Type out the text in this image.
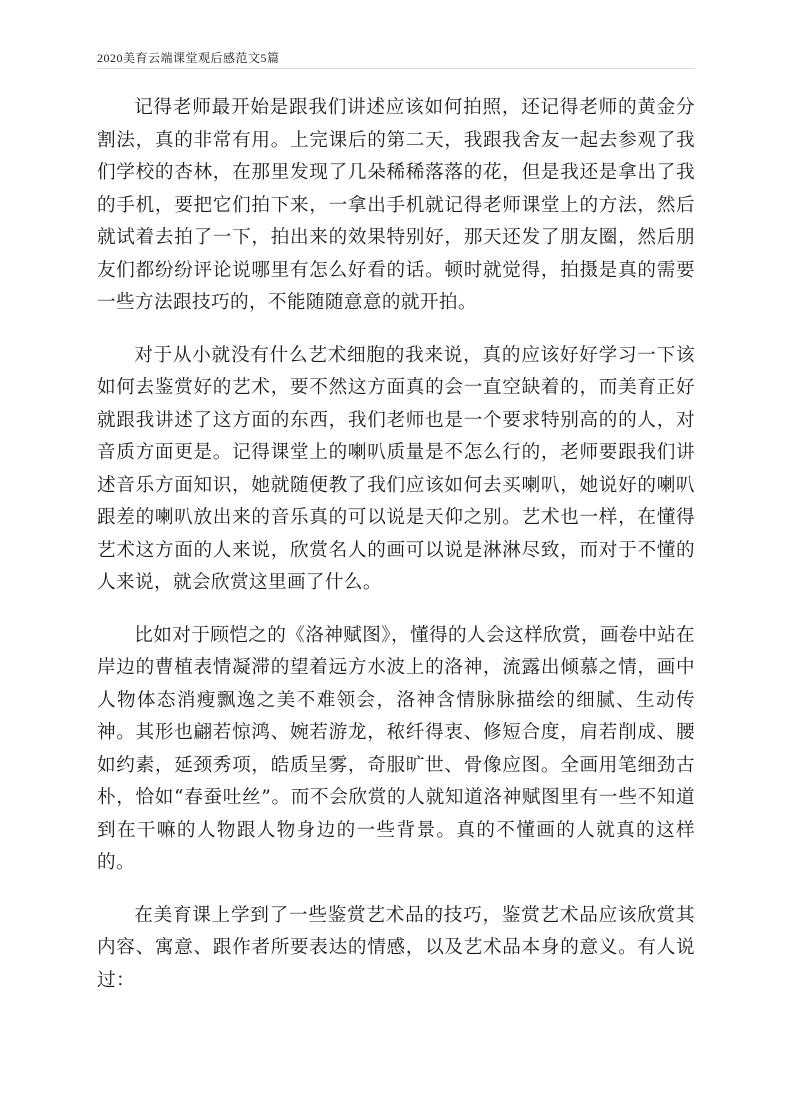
2020美育云端课堂观后感范文5篇

记得老师最开始是跟我们讲述应该如何拍照，还记得老师的黄金分割法，真的非常有用。上完课后的第二天，我跟我舍友一起去参观了我们学校的杏林，在那里发现了几朵稀稀落落的花，但是我还是拿出了我的手机，要把它们拍下来，一拿出手机就记得老师课堂上的方法，然后就试着去拍了一下，拍出来的效果特别好，那天还发了朋友圈，然后朋友们都纷纷评论说哪里有怎么好看的话。顿时就觉得，拍摄是真的需要一些方法跟技巧的，不能随随意意的就开拍。

对于从小就没有什么艺术细胞的我来说，真的应该好好学习一下该如何去鉴赏好的艺术，要不然这方面真的会一直空缺着的，而美育正好就跟我讲述了这方面的东西，我们老师也是一个要求特别高的的人，对音质方面更是。记得课堂上的喇叭质量是不怎么行的，老师要跟我们讲述音乐方面知识，她就随便教了我们应该如何去买喇叭，她说好的喇叭跟差的喇叭放出来的音乐真的可以说是天仰之别。艺术也一样，在懂得艺术这方面的人来说，欣赏名人的画可以说是淋淋尽致，而对于不懂的人来说，就会欣赏这里画了什么。

比如对于顾恺之的《洛神赋图》，懂得的人会这样欣赏，画卷中站在岸边的曹植表情凝滞的望着远方水波上的洛神，流露出倾慕之情，画中人物体态消瘦飘逸之美不难领会，洛神含情脉脉描绘的细腻、生动传神。其形也翩若惊鸿、婉若游龙，秾纤得衷、修短合度，肩若削成、腰如约素，延颈秀项，皓质呈雾，奇服旷世、骨像应图。全画用笔细劲古朴，恰如“春蚕吐丝”。而不会欣赏的人就知道洛神赋图里有一些不知道到在干嘛的人物跟人物身边的一些背景。真的不懂画的人就真的这样的。

在美育课上学到了一些鉴赏艺术品的技巧，鉴赏艺术品应该欣赏其内容、寓意、跟作者所要表达的情感，以及艺术品本身的意义。有人说过：
